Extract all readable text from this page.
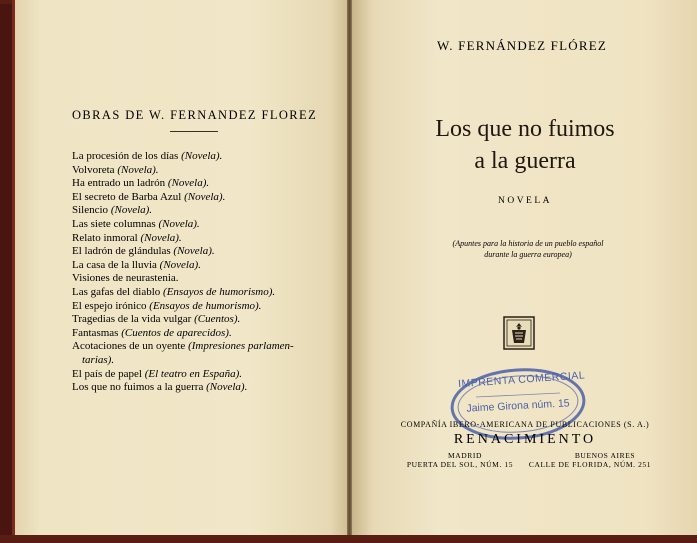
OBRAS DE W. FERNANDEZ FLOREZ
La procesión de los días (Novela).
Volvoreta (Novela).
Ha entrado un ladrón (Novela).
El secreto de Barba Azul (Novela).
Silencio (Novela).
Las siete columnas (Novela).
Relato inmoral (Novela).
El ladrón de glándulas (Novela).
La casa de la lluvia (Novela).
Visiones de neurastenia.
Las gafas del diablo (Ensayos de humorismo).
El espejo irónico (Ensayos de humorismo).
Tragedias de la vida vulgar (Cuentos).
Fantasmas (Cuentos de aparecidos).
Acotaciones de un oyente (Impresiones parlamen-
tarias).
El país de papel (El teatro en España).
Los que no fuimos a la guerra (Novela).
W. FERNÁNDEZ FLÓREZ
Los que no fuimos
a la guerra
NOVELA
(Apuntes para la historia de un pueblo español
durante la guerra europea)
IMPRENTA COMERCIAL
Jaime Girona núm. 15
COMPAÑÍA IBERO-AMERICANA DE PUBLICACIONES (S. A.)
RENACIMIENTO
MADRID	BUENOS AIRES
PUERTA DEL SOL, NÚM. 15	CALLE DE FLORIDA, NÚM. 251
